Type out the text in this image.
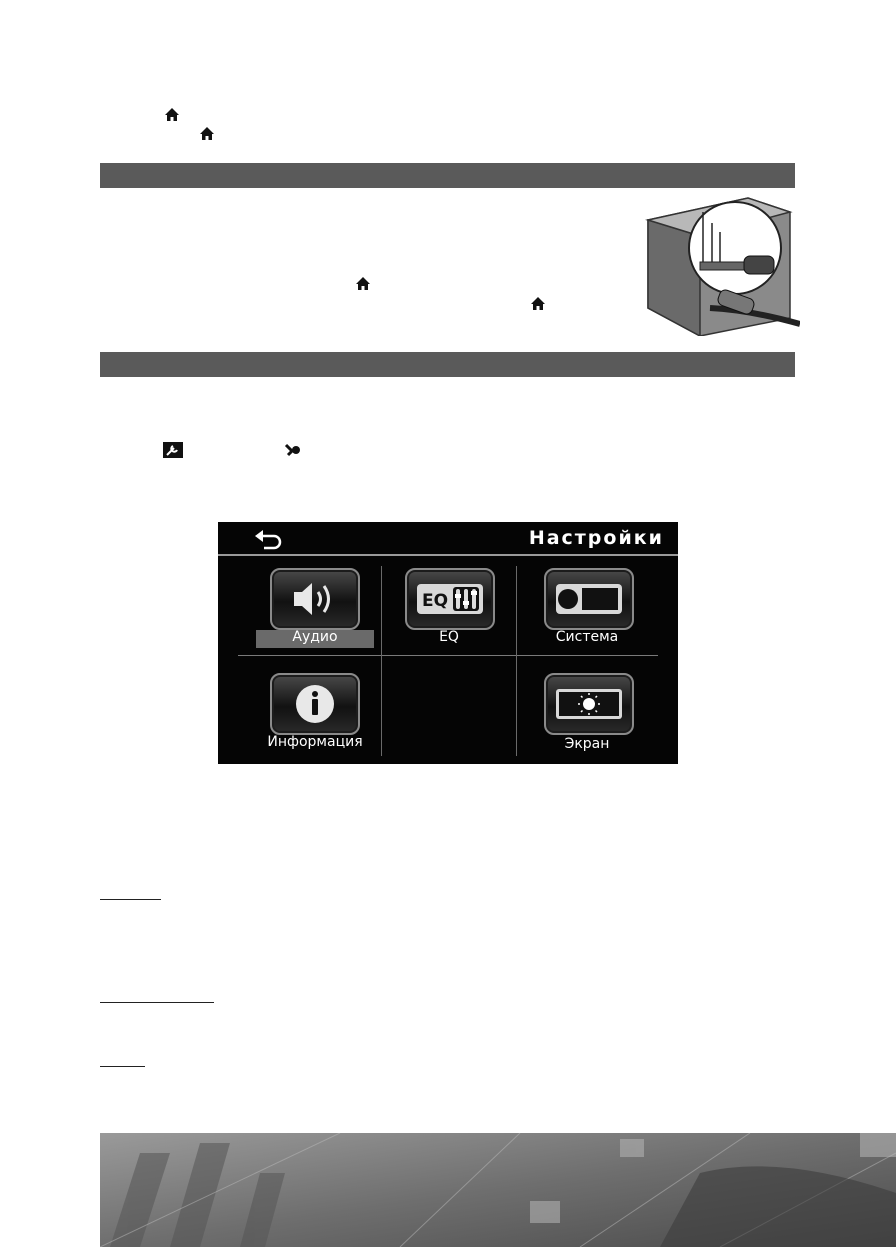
Настройки
Аудио
EQ
EQ	Система
Информация	Экран
